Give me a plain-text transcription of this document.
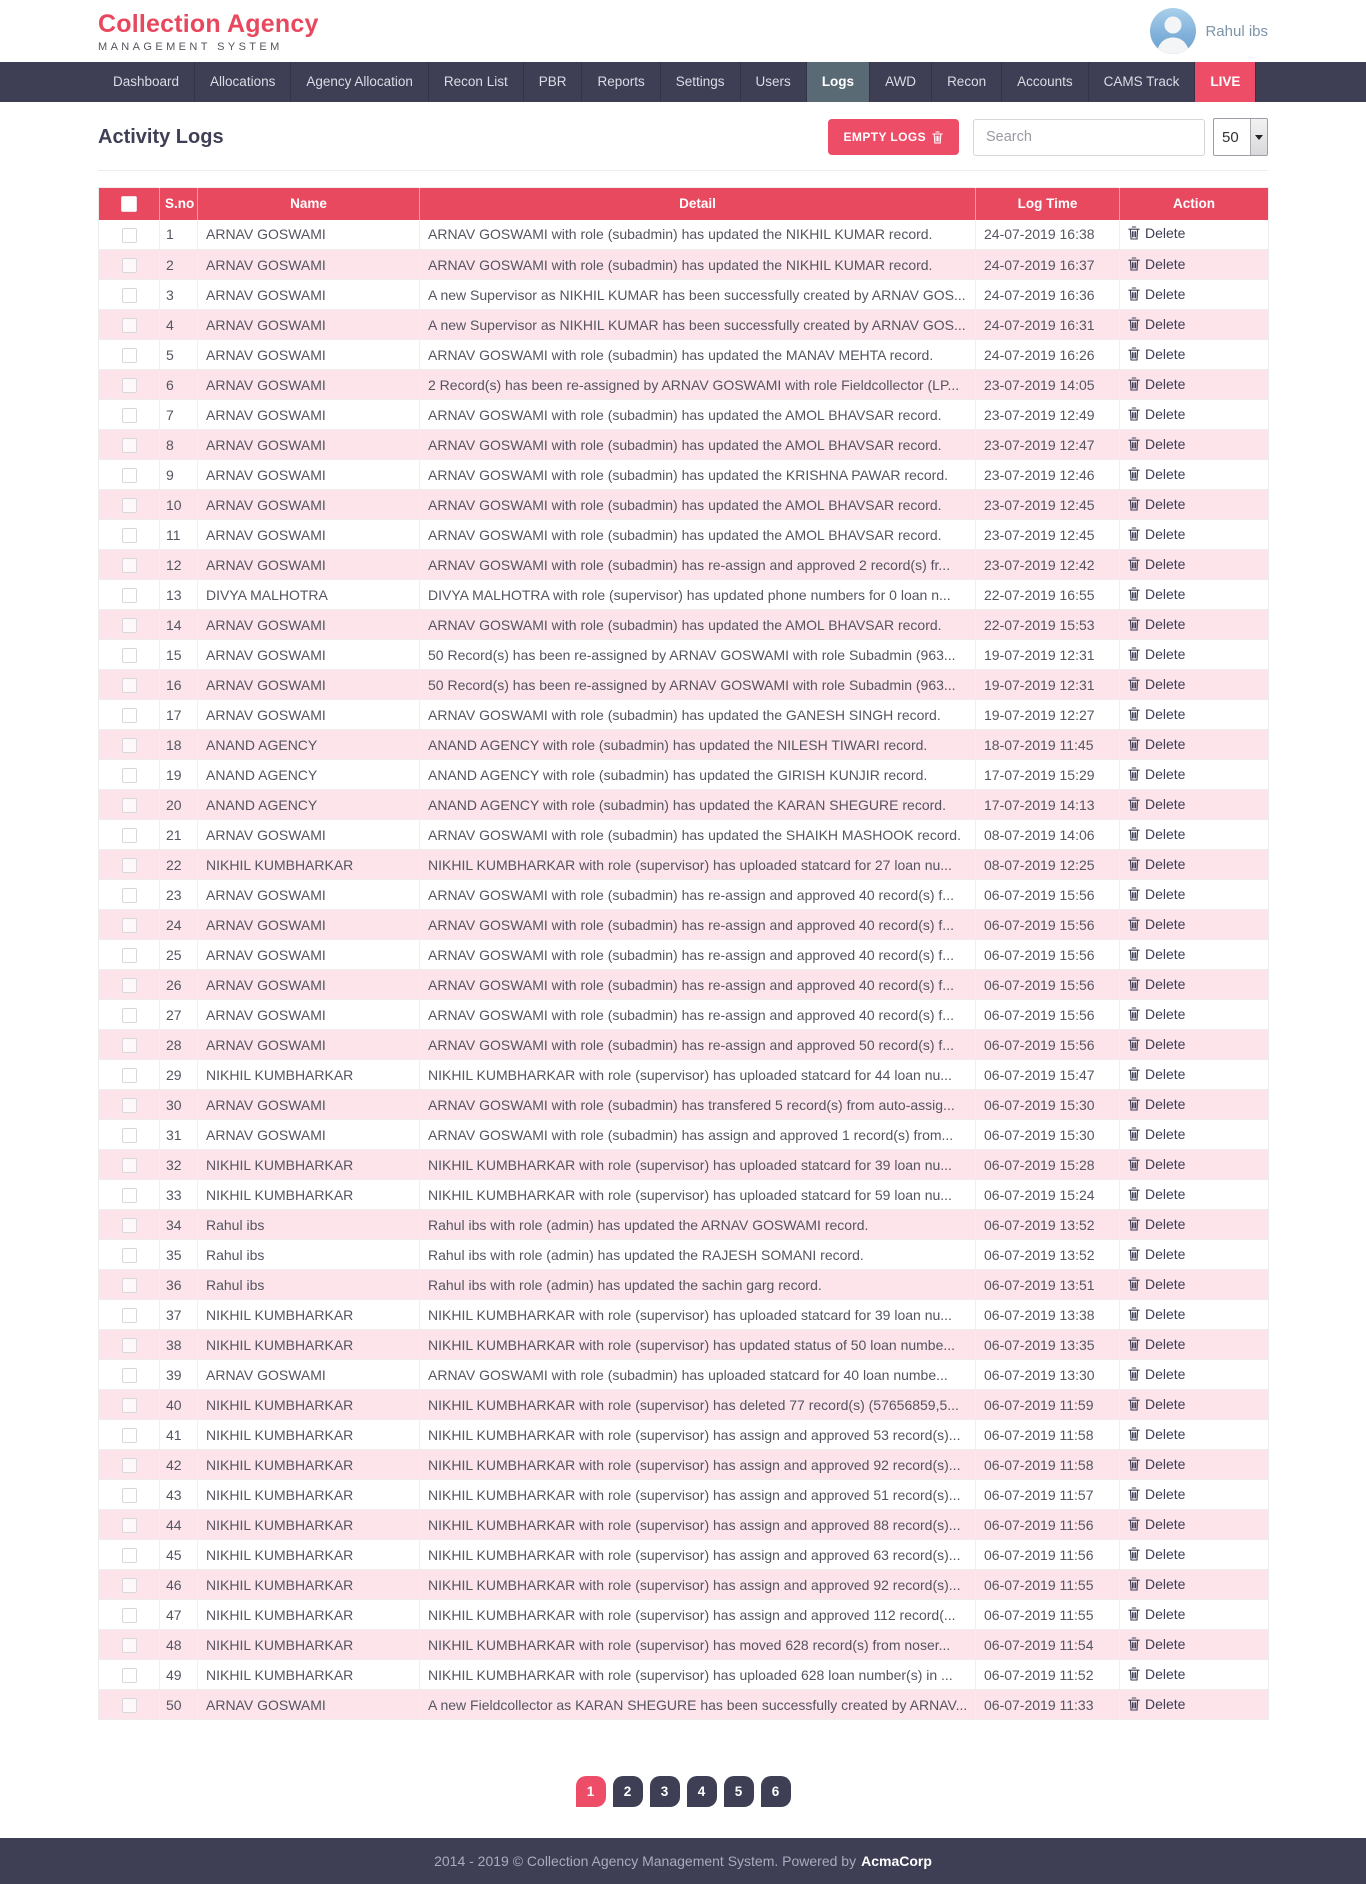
Collection Agency
MANAGEMENT SYSTEM
Rahul ibs
Dashboard	Allocations	Agency Allocation	Recon List	PBR	Reports	Settings	Users	Logs	AWD	Recon	Accounts	CAMS Track	LIVE
Activity Logs	EMPTY LOGS
Search	50
	S.no	Name	Detail	Log Time	Action
	1	ARNAV GOSWAMI	ARNAV GOSWAMI with role (subadmin) has updated the NIKHIL KUMAR record.	24-07-2019 16:38	Delete

	2	ARNAV GOSWAMI	ARNAV GOSWAMI with role (subadmin) has updated the NIKHIL KUMAR record.	24-07-2019 16:37	Delete

	3	ARNAV GOSWAMI	A new Supervisor as NIKHIL KUMAR has been successfully created by ARNAV GOS...	24-07-2019 16:36	Delete

	4	ARNAV GOSWAMI	A new Supervisor as NIKHIL KUMAR has been successfully created by ARNAV GOS...	24-07-2019 16:31	Delete

	5	ARNAV GOSWAMI	ARNAV GOSWAMI with role (subadmin) has updated the MANAV MEHTA record.	24-07-2019 16:26	Delete

	6	ARNAV GOSWAMI	2 Record(s) has been re-assigned by ARNAV GOSWAMI with role Fieldcollector (LP...	23-07-2019 14:05	Delete

	7	ARNAV GOSWAMI	ARNAV GOSWAMI with role (subadmin) has updated the AMOL BHAVSAR record.	23-07-2019 12:49	Delete

	8	ARNAV GOSWAMI	ARNAV GOSWAMI with role (subadmin) has updated the AMOL BHAVSAR record.	23-07-2019 12:47	Delete

	9	ARNAV GOSWAMI	ARNAV GOSWAMI with role (subadmin) has updated the KRISHNA PAWAR record.	23-07-2019 12:46	Delete

	10	ARNAV GOSWAMI	ARNAV GOSWAMI with role (subadmin) has updated the AMOL BHAVSAR record.	23-07-2019 12:45	Delete

	11	ARNAV GOSWAMI	ARNAV GOSWAMI with role (subadmin) has updated the AMOL BHAVSAR record.	23-07-2019 12:45	Delete

	12	ARNAV GOSWAMI	ARNAV GOSWAMI with role (subadmin) has re-assign and approved 2 record(s) fr...	23-07-2019 12:42	Delete

	13	DIVYA MALHOTRA	DIVYA MALHOTRA with role (supervisor) has updated phone numbers for 0 loan n...	22-07-2019 16:55	Delete

	14	ARNAV GOSWAMI	ARNAV GOSWAMI with role (subadmin) has updated the AMOL BHAVSAR record.	22-07-2019 15:53	Delete

	15	ARNAV GOSWAMI	50 Record(s) has been re-assigned by ARNAV GOSWAMI with role Subadmin (963...	19-07-2019 12:31	Delete

	16	ARNAV GOSWAMI	50 Record(s) has been re-assigned by ARNAV GOSWAMI with role Subadmin (963...	19-07-2019 12:31	Delete

	17	ARNAV GOSWAMI	ARNAV GOSWAMI with role (subadmin) has updated the GANESH SINGH record.	19-07-2019 12:27	Delete

	18	ANAND AGENCY	ANAND AGENCY with role (subadmin) has updated the NILESH TIWARI record.	18-07-2019 11:45	Delete

	19	ANAND AGENCY	ANAND AGENCY with role (subadmin) has updated the GIRISH KUNJIR record.	17-07-2019 15:29	Delete

	20	ANAND AGENCY	ANAND AGENCY with role (subadmin) has updated the KARAN SHEGURE record.	17-07-2019 14:13	Delete

	21	ARNAV GOSWAMI	ARNAV GOSWAMI with role (subadmin) has updated the SHAIKH MASHOOK record.	08-07-2019 14:06	Delete

	22	NIKHIL KUMBHARKAR	NIKHIL KUMBHARKAR with role (supervisor) has uploaded statcard for 27 loan nu...	08-07-2019 12:25	Delete

	23	ARNAV GOSWAMI	ARNAV GOSWAMI with role (subadmin) has re-assign and approved 40 record(s) f...	06-07-2019 15:56	Delete

	24	ARNAV GOSWAMI	ARNAV GOSWAMI with role (subadmin) has re-assign and approved 40 record(s) f...	06-07-2019 15:56	Delete

	25	ARNAV GOSWAMI	ARNAV GOSWAMI with role (subadmin) has re-assign and approved 40 record(s) f...	06-07-2019 15:56	Delete

	26	ARNAV GOSWAMI	ARNAV GOSWAMI with role (subadmin) has re-assign and approved 40 record(s) f...	06-07-2019 15:56	Delete

	27	ARNAV GOSWAMI	ARNAV GOSWAMI with role (subadmin) has re-assign and approved 40 record(s) f...	06-07-2019 15:56	Delete

	28	ARNAV GOSWAMI	ARNAV GOSWAMI with role (subadmin) has re-assign and approved 50 record(s) f...	06-07-2019 15:56	Delete

	29	NIKHIL KUMBHARKAR	NIKHIL KUMBHARKAR with role (supervisor) has uploaded statcard for 44 loan nu...	06-07-2019 15:47	Delete

	30	ARNAV GOSWAMI	ARNAV GOSWAMI with role (subadmin) has transfered 5 record(s) from auto-assig...	06-07-2019 15:30	Delete

	31	ARNAV GOSWAMI	ARNAV GOSWAMI with role (subadmin) has assign and approved 1 record(s) from...	06-07-2019 15:30	Delete

	32	NIKHIL KUMBHARKAR	NIKHIL KUMBHARKAR with role (supervisor) has uploaded statcard for 39 loan nu...	06-07-2019 15:28	Delete

	33	NIKHIL KUMBHARKAR	NIKHIL KUMBHARKAR with role (supervisor) has uploaded statcard for 59 loan nu...	06-07-2019 15:24	Delete

	34	Rahul ibs	Rahul ibs with role (admin) has updated the ARNAV GOSWAMI record.	06-07-2019 13:52	Delete

	35	Rahul ibs	Rahul ibs with role (admin) has updated the RAJESH SOMANI record.	06-07-2019 13:52	Delete

	36	Rahul ibs	Rahul ibs with role (admin) has updated the sachin garg record.	06-07-2019 13:51	Delete

	37	NIKHIL KUMBHARKAR	NIKHIL KUMBHARKAR with role (supervisor) has uploaded statcard for 39 loan nu...	06-07-2019 13:38	Delete

	38	NIKHIL KUMBHARKAR	NIKHIL KUMBHARKAR with role (supervisor) has updated status of 50 loan numbe...	06-07-2019 13:35	Delete

	39	ARNAV GOSWAMI	ARNAV GOSWAMI with role (subadmin) has uploaded statcard for 40 loan numbe...	06-07-2019 13:30	Delete

	40	NIKHIL KUMBHARKAR	NIKHIL KUMBHARKAR with role (supervisor) has deleted 77 record(s) (57656859,5...	06-07-2019 11:59	Delete

	41	NIKHIL KUMBHARKAR	NIKHIL KUMBHARKAR with role (supervisor) has assign and approved 53 record(s)...	06-07-2019 11:58	Delete

	42	NIKHIL KUMBHARKAR	NIKHIL KUMBHARKAR with role (supervisor) has assign and approved 92 record(s)...	06-07-2019 11:58	Delete

	43	NIKHIL KUMBHARKAR	NIKHIL KUMBHARKAR with role (supervisor) has assign and approved 51 record(s)...	06-07-2019 11:57	Delete

	44	NIKHIL KUMBHARKAR	NIKHIL KUMBHARKAR with role (supervisor) has assign and approved 88 record(s)...	06-07-2019 11:56	Delete

	45	NIKHIL KUMBHARKAR	NIKHIL KUMBHARKAR with role (supervisor) has assign and approved 63 record(s)...	06-07-2019 11:56	Delete

	46	NIKHIL KUMBHARKAR	NIKHIL KUMBHARKAR with role (supervisor) has assign and approved 92 record(s)...	06-07-2019 11:55	Delete

	47	NIKHIL KUMBHARKAR	NIKHIL KUMBHARKAR with role (supervisor) has assign and approved 112 record(...	06-07-2019 11:55	Delete

	48	NIKHIL KUMBHARKAR	NIKHIL KUMBHARKAR with role (supervisor) has moved 628 record(s) from noser...	06-07-2019 11:54	Delete

	49	NIKHIL KUMBHARKAR	NIKHIL KUMBHARKAR with role (supervisor) has uploaded 628 loan number(s) in ...	06-07-2019 11:52	Delete

	50	ARNAV GOSWAMI	A new Fieldcollector as KARAN SHEGURE has been successfully created by ARNAV...	06-07-2019 11:33	Delete
1	2	3	4	5	6
2014 - 2019 © Collection Agency Management System. Powered by AcmaCorp
